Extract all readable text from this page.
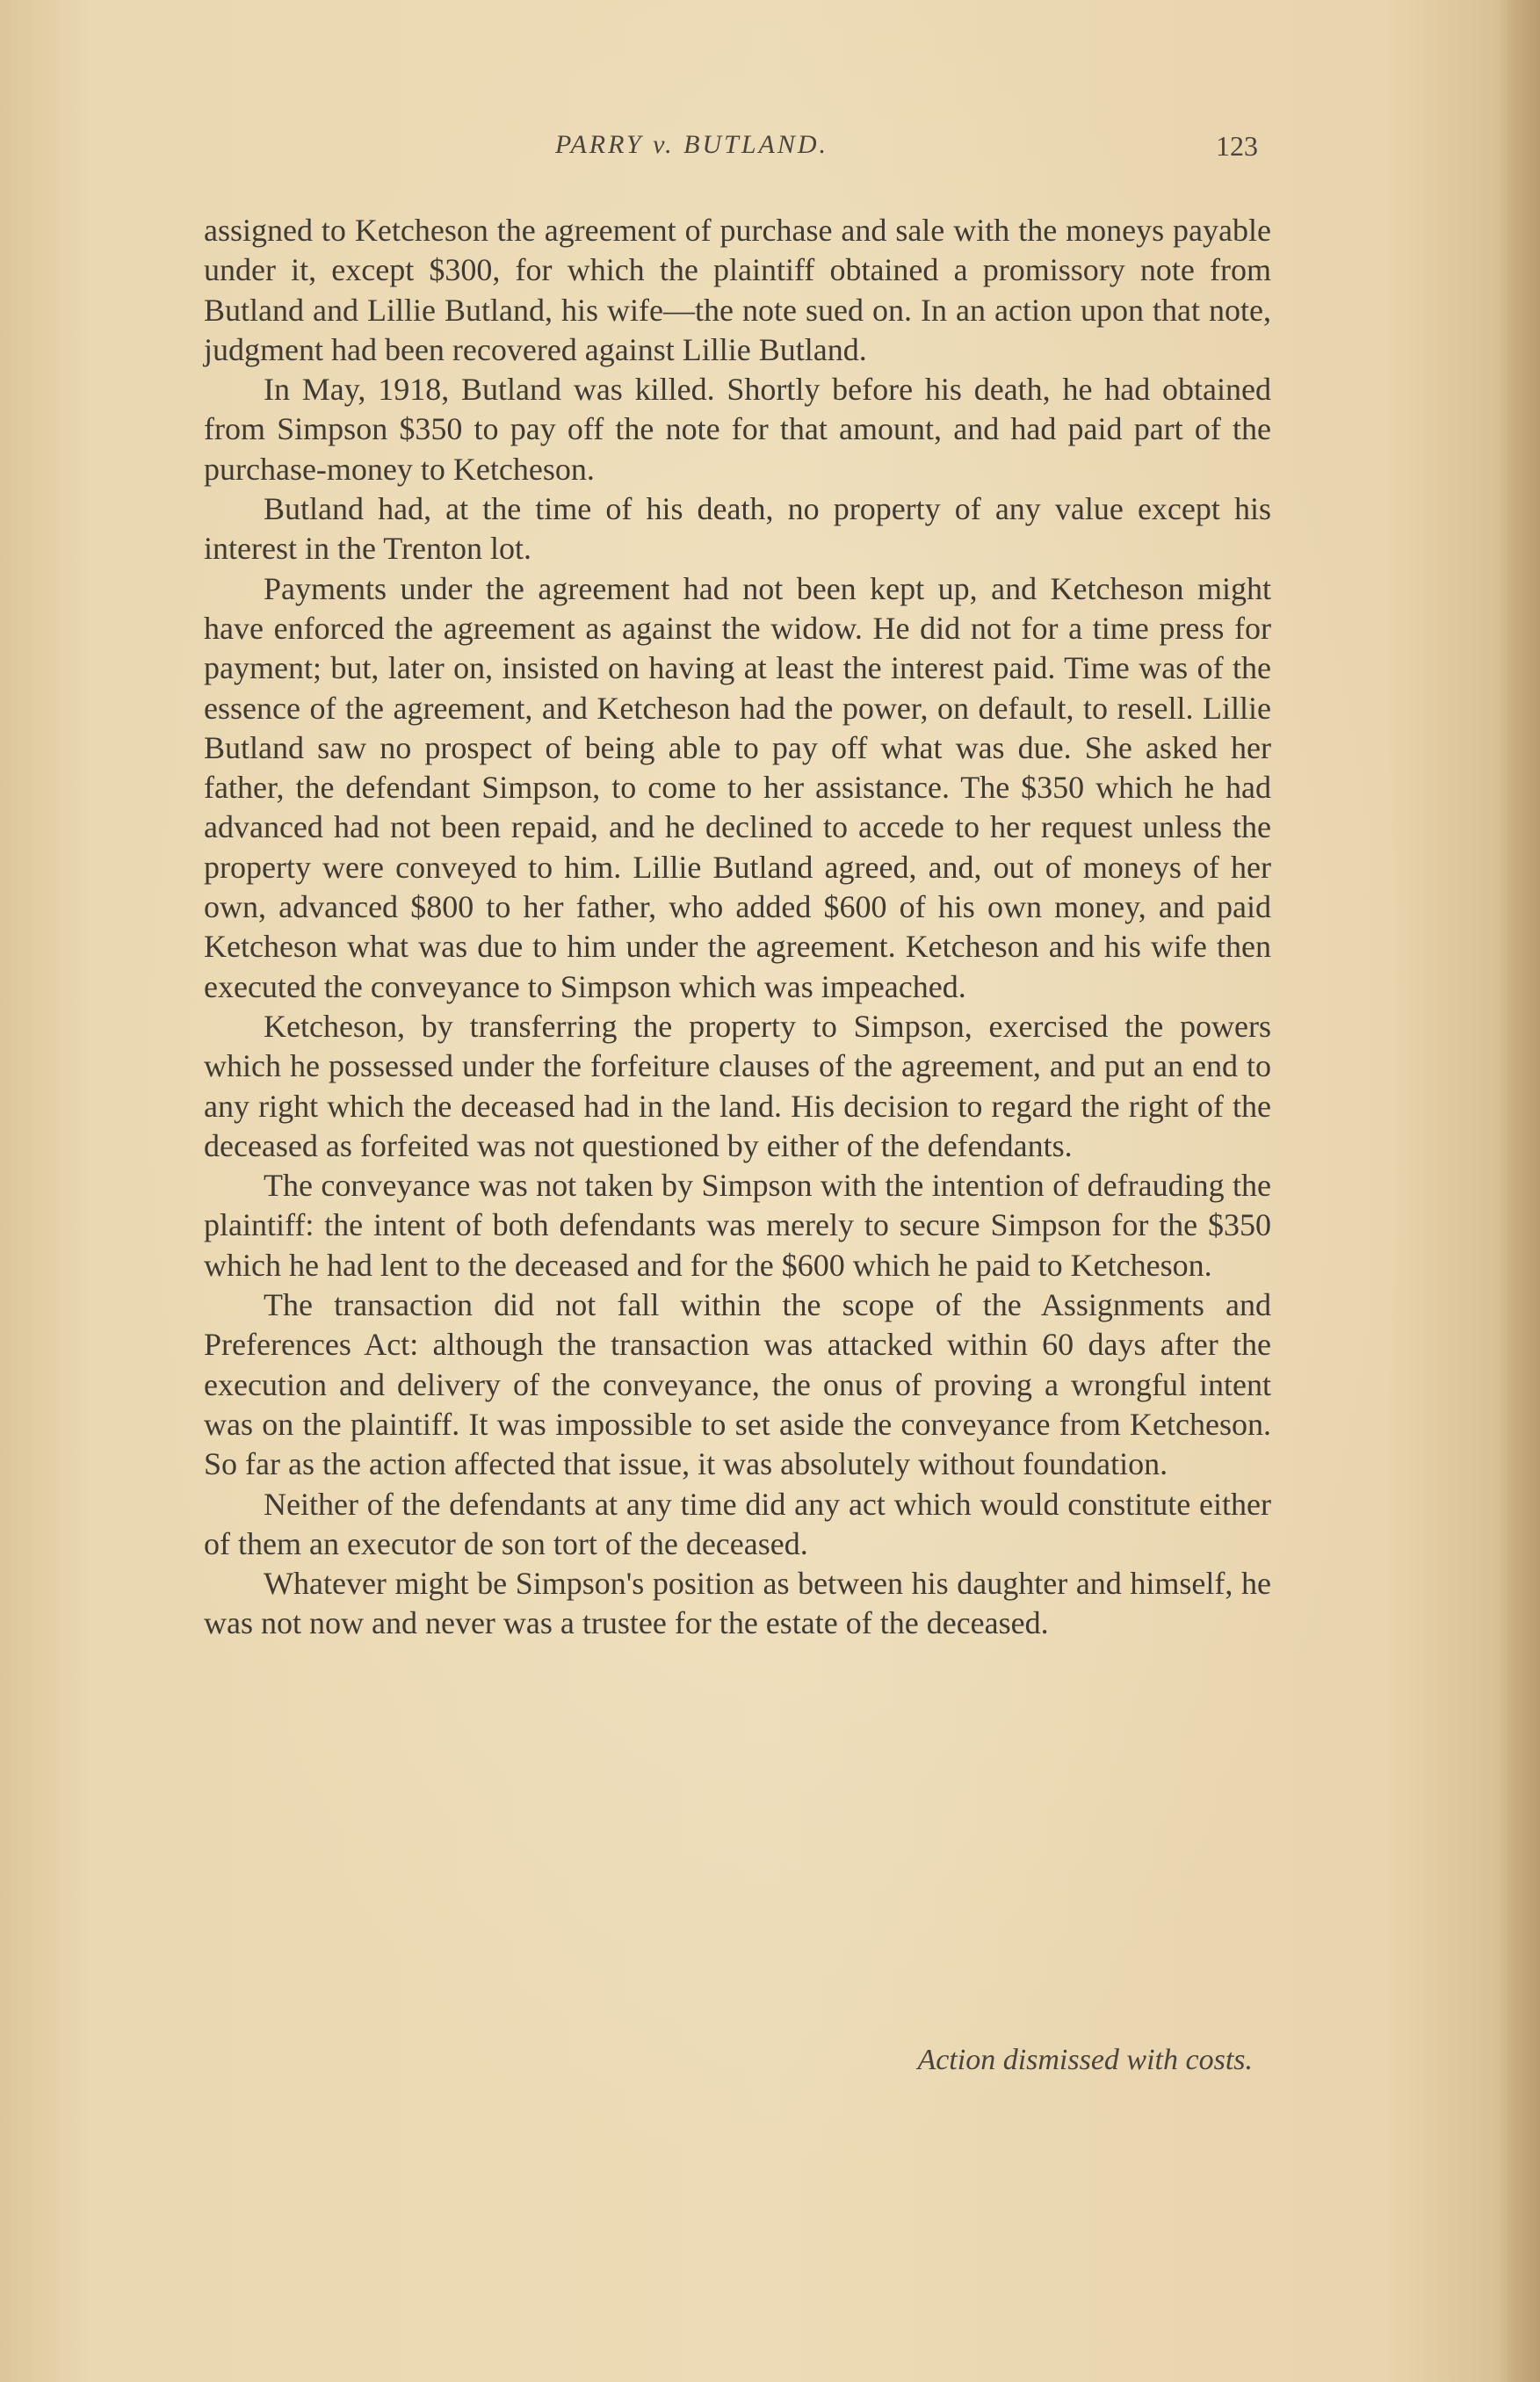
PARRY v. BUTLAND.	123

assigned to Ketcheson the agreement of purchase and sale with the moneys payable under it, except $300, for which the plaintiff obtained a promissory note from Butland and Lillie Butland, his wife—the note sued on. In an action upon that note, judgment had been recovered against Lillie Butland.

In May, 1918, Butland was killed. Shortly before his death, he had obtained from Simpson $350 to pay off the note for that amount, and had paid part of the purchase-money to Ketcheson.

Butland had, at the time of his death, no property of any value except his interest in the Trenton lot.

Payments under the agreement had not been kept up, and Ketcheson might have enforced the agreement as against the widow. He did not for a time press for payment; but, later on, insisted on having at least the interest paid. Time was of the essence of the agreement, and Ketcheson had the power, on default, to resell. Lillie Butland saw no prospect of being able to pay off what was due. She asked her father, the defendant Simpson, to come to her assistance. The $350 which he had advanced had not been repaid, and he declined to accede to her request unless the property were conveyed to him. Lillie Butland agreed, and, out of moneys of her own, advanced $800 to her father, who added $600 of his own money, and paid Ketcheson what was due to him under the agreement. Ketcheson and his wife then executed the conveyance to Simpson which was impeached.

Ketcheson, by transferring the property to Simpson, exercised the powers which he possessed under the forfeiture clauses of the agreement, and put an end to any right which the deceased had in the land. His decision to regard the right of the deceased as forfeited was not questioned by either of the defendants.

The conveyance was not taken by Simpson with the intention of defrauding the plaintiff: the intent of both defendants was merely to secure Simpson for the $350 which he had lent to the deceased and for the $600 which he paid to Ketcheson.

The transaction did not fall within the scope of the Assignments and Preferences Act: although the transaction was attacked within 60 days after the execution and delivery of the conveyance, the onus of proving a wrongful intent was on the plaintiff. It was impossible to set aside the conveyance from Ketcheson. So far as the action affected that issue, it was absolutely without foundation.

Neither of the defendants at any time did any act which would constitute either of them an executor de son tort of the deceased.

Whatever might be Simpson's position as between his daughter and himself, he was not now and never was a trustee for the estate of the deceased.

Action dismissed with costs.
